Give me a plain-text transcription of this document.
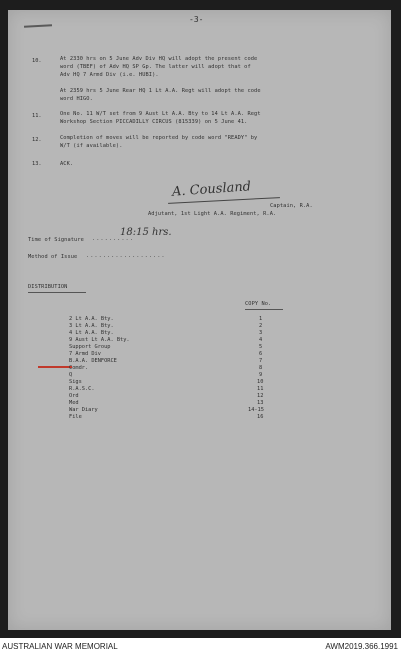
-3-
10.	At 2330 hrs on 5 June Adv Div HQ will adopt the present code
word (TBEF) of Adv HQ SP Gp. The latter will adopt that of
Adv HQ 7 Armd Div (i.e. HUBI).
At 2359 hrs 5 June Rear HQ 1 Lt A.A. Regt will adopt the code
word HIGO.
11.	One No. 11 W/T set from 9 Aust Lt A.A. Bty to 14 Lt A.A. Regt
Workshop Section PICCADILLY CIRCUS (815339) on 5 June 41.
12.	Completion of moves will be reported by code word "READY" by
W/T (if available).
13.	ACK.
A. Cousland
Captain, R.A.
Adjutant, 1st Light A.A. Regiment, R.A.
Time of Signature ..........
18:15 hrs.
Method of Issue ...................
DISTRIBUTION
COPY No.
2 Lt A.A. Bty.	1
3 Lt A.A. Bty.	2
4 Lt A.A. Bty.	3
9 Aust Lt A.A. Bty.	4
Support Group	5
7 Armd Div	6
B.A.A. DENFORCE	7
Comdr.	8
Q	9
Sigs	10
R.A.S.C.	11
Ord	12
Med	13
War Diary	14-15
File	16
AUSTRALIAN WAR MEMORIAL	AWM2019.366.1991
